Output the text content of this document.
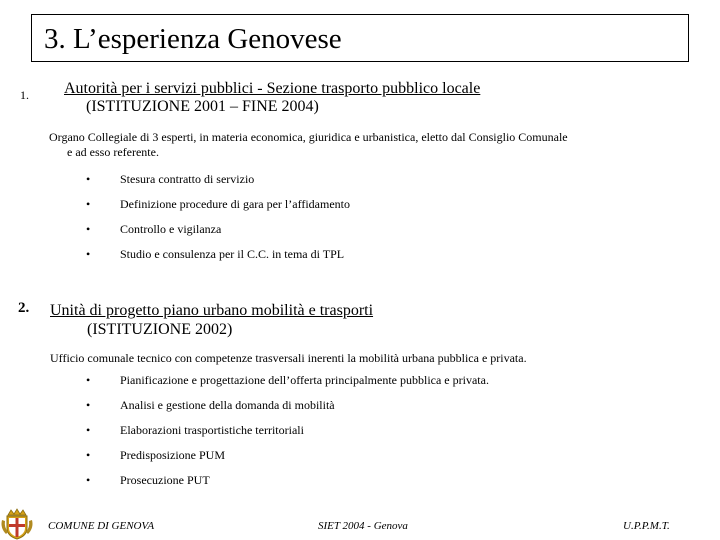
3. L’esperienza Genovese
1. Autorità per i servizi pubblici - Sezione trasporto pubblico locale
(ISTITUZIONE 2001 – FINE 2004)
Organo Collegiale di 3 esperti, in materia economica, giuridica e urbanistica, eletto dal Consiglio Comunale
e ad esso referente.
•	Stesura contratto di servizio
•	Definizione procedure di gara per l’affidamento
•	Controllo e vigilanza
•	Studio e consulenza per il C.C. in tema di TPL
2. Unità di progetto piano urbano mobilità e trasporti
(ISTITUZIONE 2002)
Ufficio comunale tecnico con competenze trasversali inerenti la mobilità urbana pubblica e privata.
•	Pianificazione e progettazione dell’offerta principalmente pubblica e privata.
•	Analisi e gestione della domanda di mobilità
•	Elaborazioni trasportistiche territoriali
•	Predisposizione PUM
•	Prosecuzione PUT
COMUNE DI GENOVA	SIET 2004 - Genova	U.P.P.M.T.
